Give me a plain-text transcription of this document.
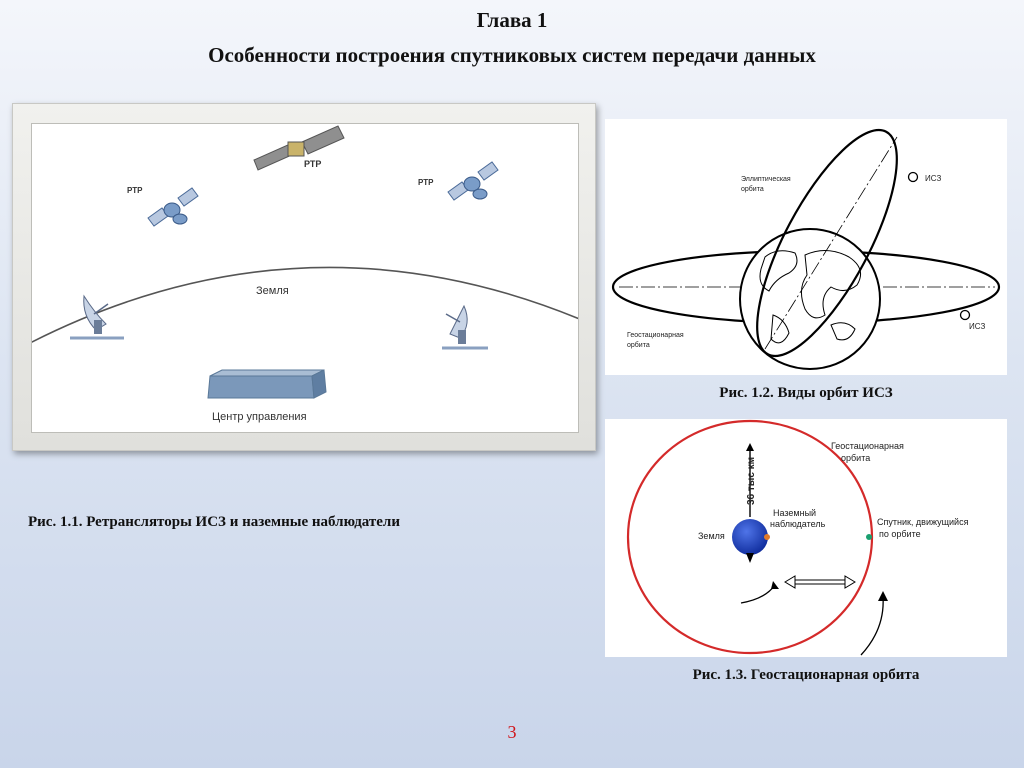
Глава 1
Особенности построения спутниковых систем передачи данных
РТР
РТР
РТР
Земля
Центр управления
Рис. 1.1. Ретрансляторы ИСЗ и наземные наблюдатели
Эллиптическая
орбита
ИСЗ
ИСЗ
Геостационарная
орбита
Рис. 1.2. Виды орбит ИСЗ
36 тыс км
Земля
Наземный
наблюдатель
Геостационарная
орбита
Спутник, движущийся
по орбите
Рис. 1.3. Геостационарная орбита
3
